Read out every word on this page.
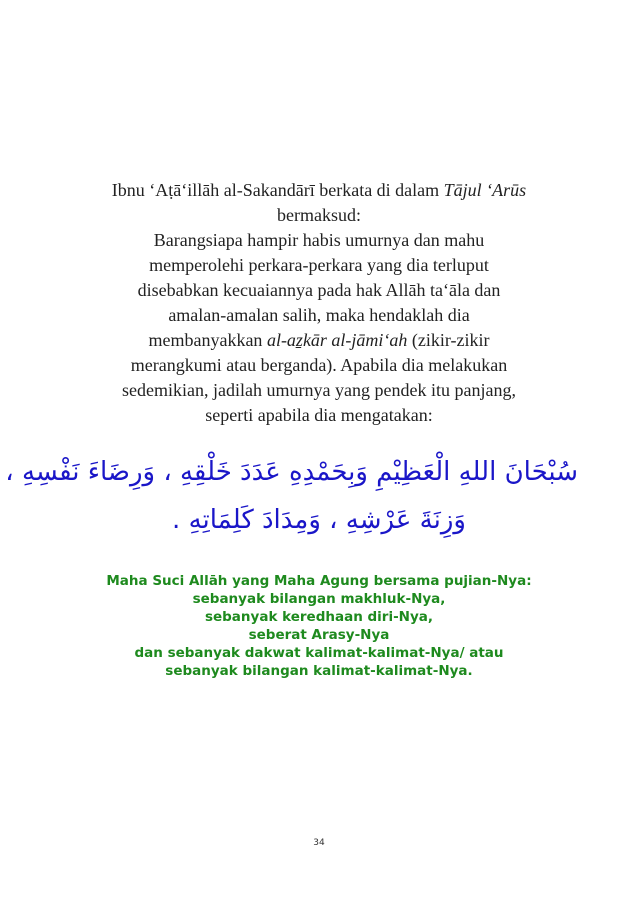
Ibnu ‘Aṭā‘illāh al-Sakandārī berkata di dalam Tājul ‘Arūs
bermaksud:
Barangsiapa hampir habis umurnya dan mahu
memperolehi perkara-perkara yang dia terluput
disebabkan kecuaiannya pada hak Allāh ta‘āla dan
amalan-amalan salih, maka hendaklah dia
membanyakkan al-aẕkār al-jāmi‘ah (zikir-zikir
merangkumi atau berganda). Apabila dia melakukan
sedemikian, jadilah umurnya yang pendek itu panjang,
seperti apabila dia mengatakan:
سُبْحَانَ اللهِ الْعَظِيْمِ وَبِحَمْدِهِ عَدَدَ خَلْقِهِ ، وَرِضَاءَ نَفْسِهِ ،
وَزِنَةَ عَرْشِهِ ، وَمِدَادَ كَلِمَاتِهِ .
Maha Suci Allāh yang Maha Agung bersama pujian-Nya:
sebanyak bilangan makhluk-Nya,
sebanyak keredhaan diri-Nya,
seberat Arasy-Nya
dan sebanyak dakwat kalimat-kalimat-Nya/ atau
sebanyak bilangan kalimat-kalimat-Nya.
34
